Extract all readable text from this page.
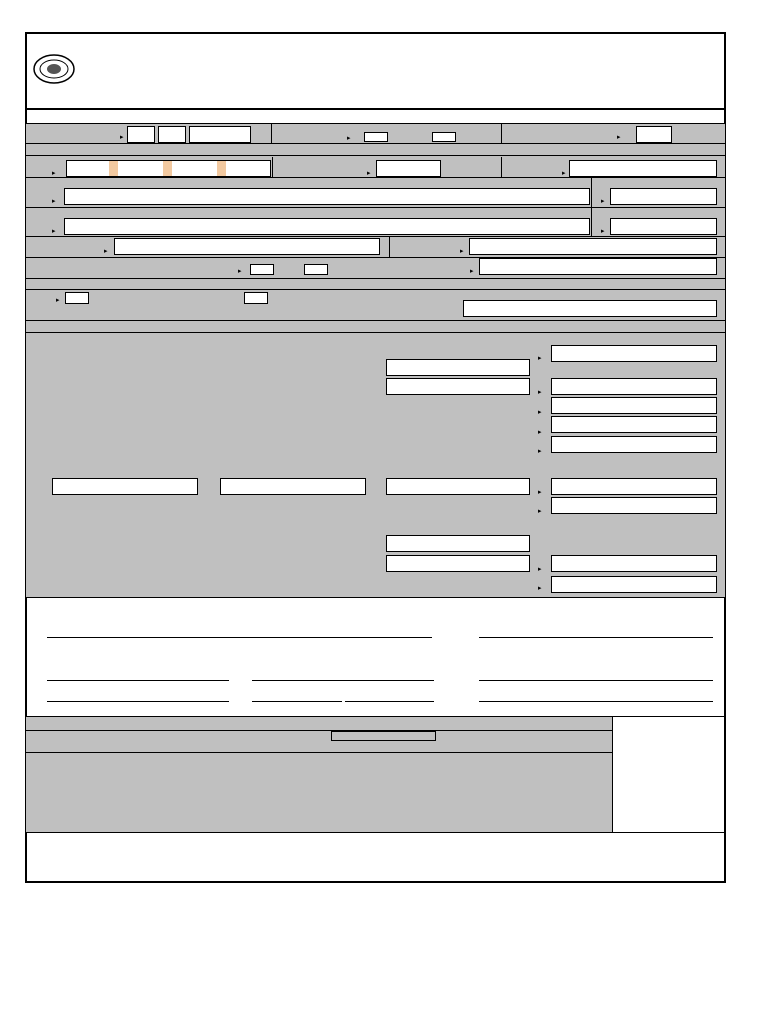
▸	▸	▸
▸	▸	▸
▸	▸
▸	▸
▸	▸
▸	▸
▸
▸
▸
▸
▸
▸
▸
▸
▸
▸
